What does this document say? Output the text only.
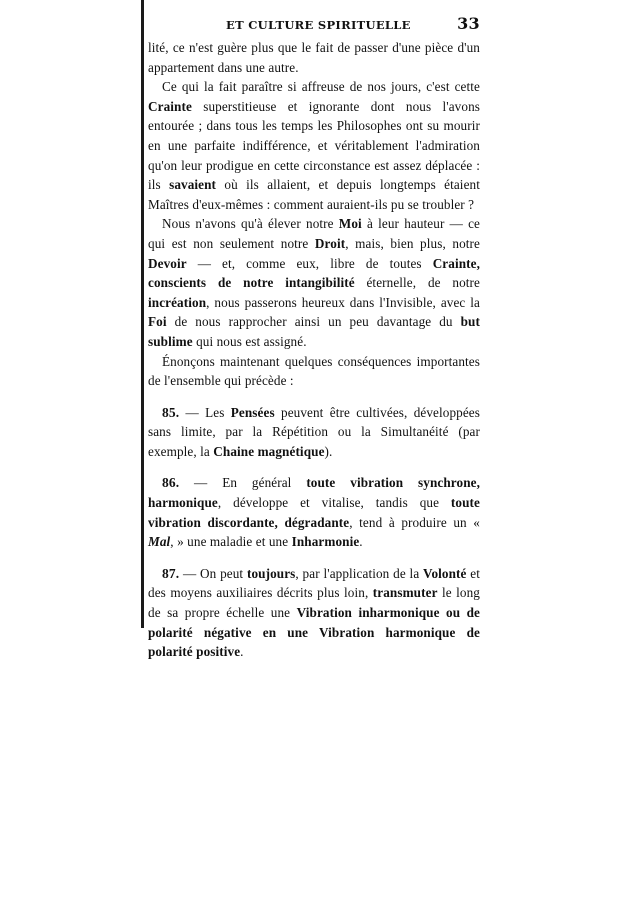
ET CULTURE SPIRITUELLE	33

lité, ce n'est guère plus que le fait de passer d'une pièce d'un appartement dans une autre.

Ce qui la fait paraître si affreuse de nos jours, c'est cette Crainte superstitieuse et ignorante dont nous l'avons entourée ; dans tous les temps les Philosophes ont su mourir en une parfaite indifférence, et véritablement l'admiration qu'on leur prodigue en cette circonstance est assez déplacée : ils savaient où ils allaient, et depuis longtemps étaient Maîtres d'eux-mêmes : comment auraient-ils pu se troubler ?

Nous n'avons qu'à élever notre Moi à leur hauteur — ce qui est non seulement notre Droit, mais, bien plus, notre Devoir — et, comme eux, libre de toutes Crainte, conscients de notre intangibilité éternelle, de notre incréation, nous passerons heureux dans l'Invisible, avec la Foi de nous rapprocher ainsi un peu davantage du but sublime qui nous est assigné.

Énonçons maintenant quelques conséquences importantes de l'ensemble qui précède :

85. — Les Pensées peuvent être cultivées, développées sans limite, par la Répétition ou la Simultanéité (par exemple, la Chaine magnétique).

86. — En général toute vibration synchrone, harmonique, développe et vitalise, tandis que toute vibration discordante, dégradante, tend à produire un « Mal, » une maladie et une Inharmonie.

87. — On peut toujours, par l'application de la Volonté et des moyens auxiliaires décrits plus loin, transmuter le long de sa propre échelle une Vibration inharmonique ou de polarité négative en une Vibration harmonique de polarité positive.
